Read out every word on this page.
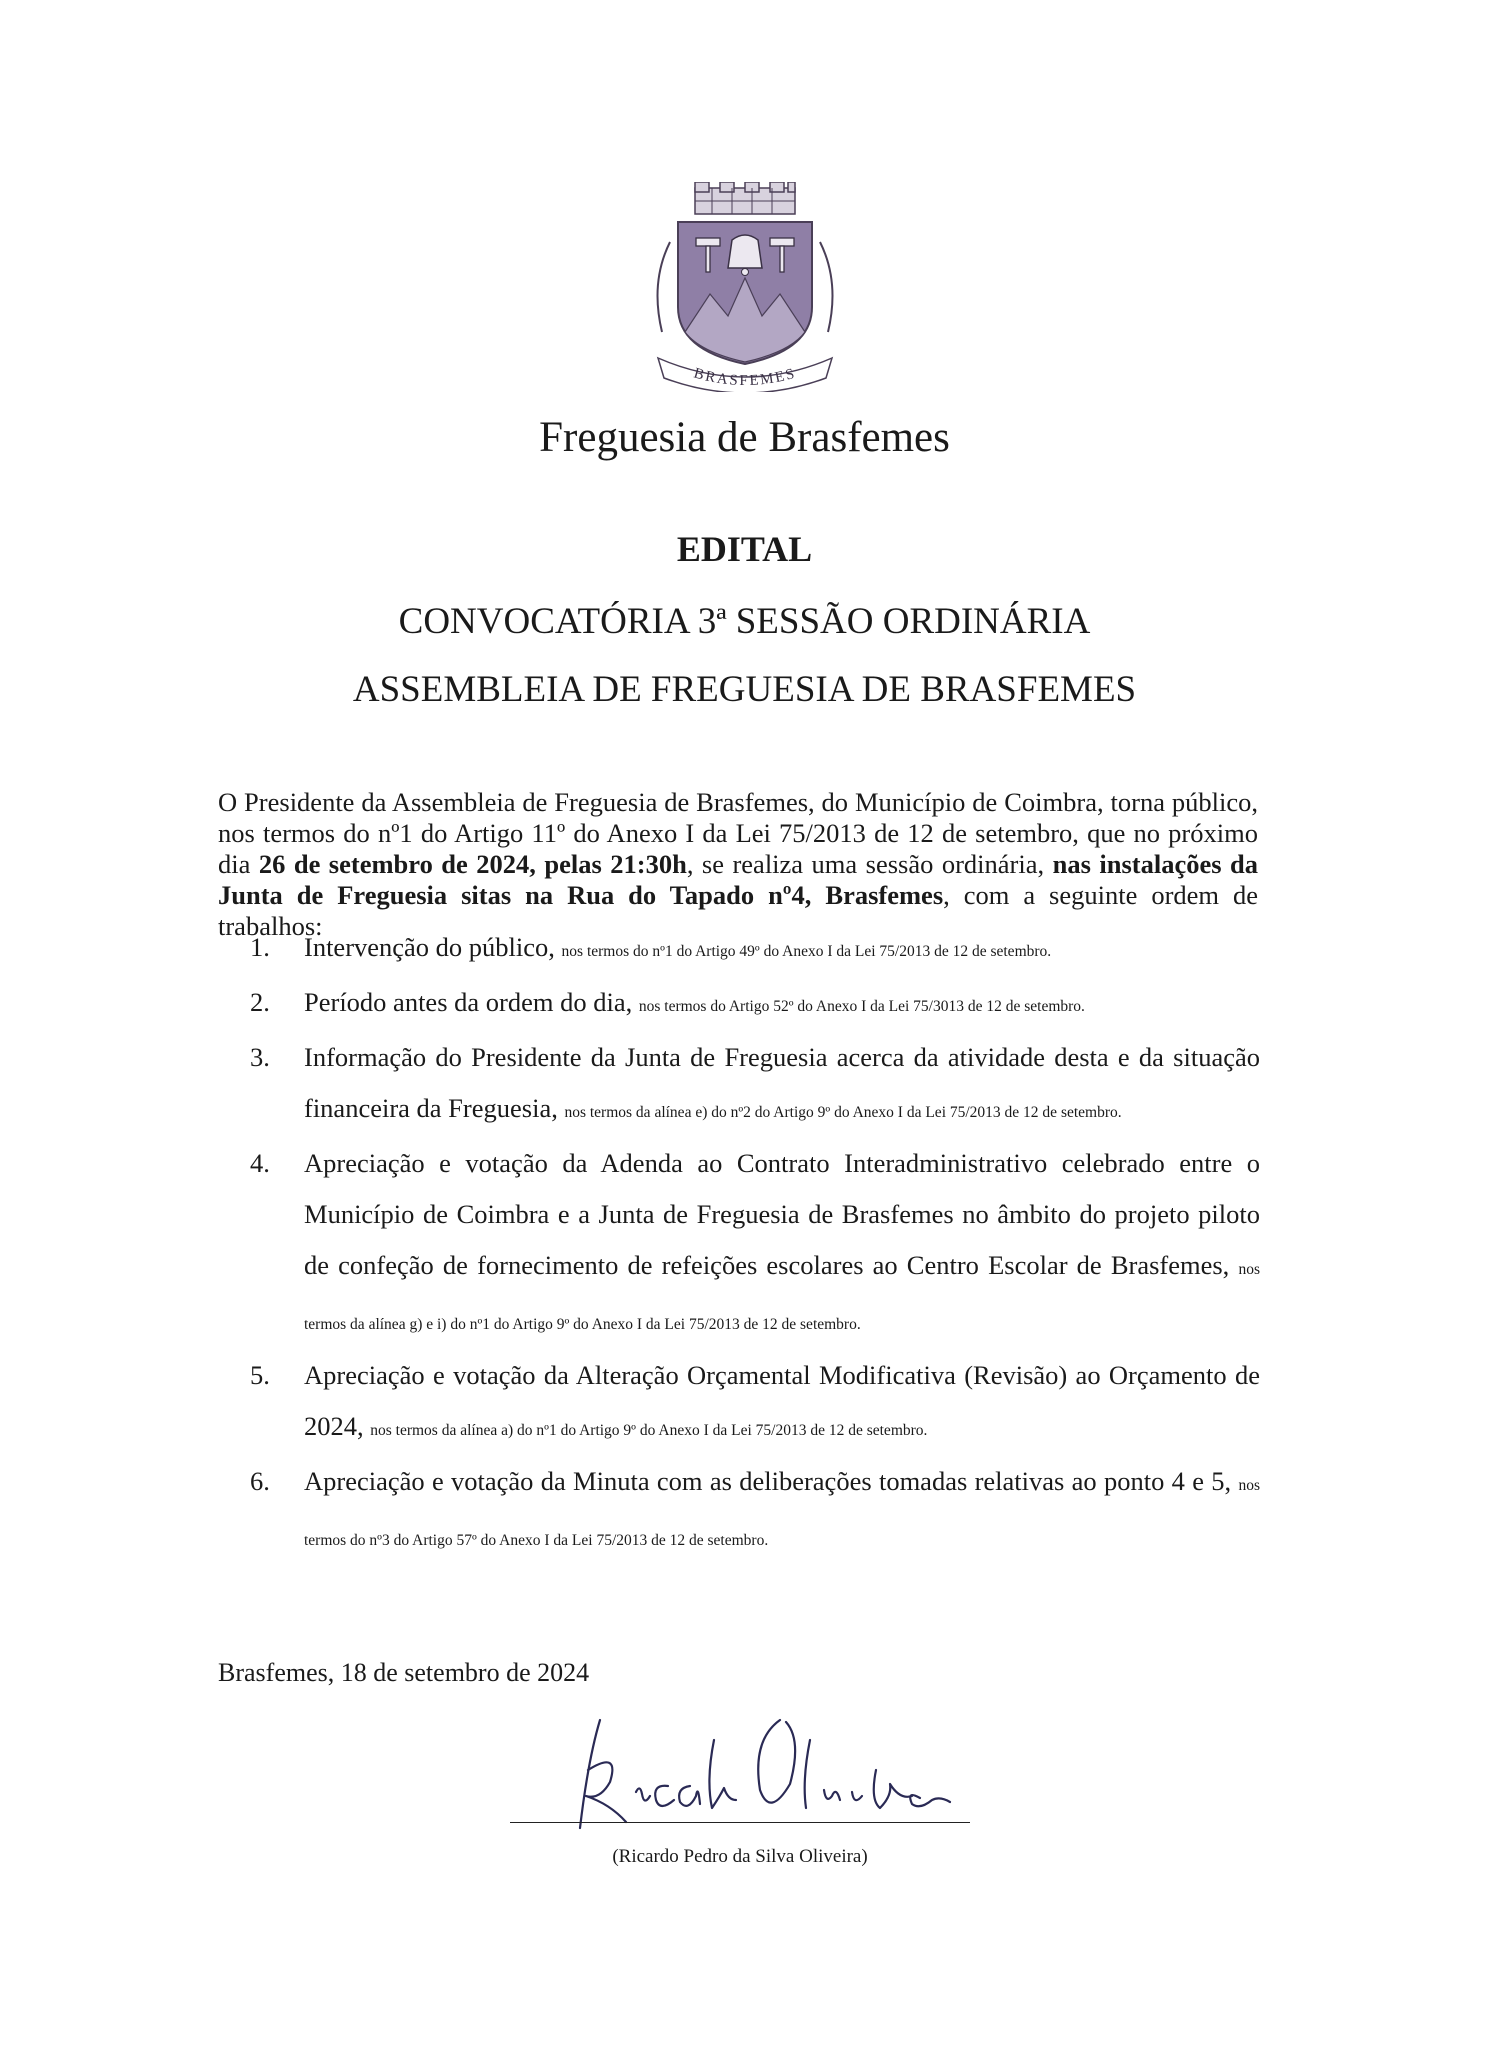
BRASFEMES
Freguesia de Brasfemes
EDITAL
CONVOCATÓRIA 3ª SESSÃO ORDINÁRIA
ASSEMBLEIA DE FREGUESIA DE BRASFEMES

O Presidente da Assembleia de Freguesia de Brasfemes, do Município de Coimbra, torna público, nos termos do nº1 do Artigo 11º do Anexo I da Lei 75/2013 de 12 de setembro, que no próximo dia 26 de setembro de 2024, pelas 21:30h, se realiza uma sessão ordinária, nas instalações da Junta de Freguesia sitas na Rua do Tapado nº4, Brasfemes, com a seguinte ordem de trabalhos:

1. Intervenção do público, nos termos do nº1 do Artigo 49º do Anexo I da Lei 75/2013 de 12 de setembro.
2. Período antes da ordem do dia, nos termos do Artigo 52º do Anexo I da Lei 75/3013 de 12 de setembro.
3. Informação do Presidente da Junta de Freguesia acerca da atividade desta e da situação financeira da Freguesia, nos termos da alínea e) do nº2 do Artigo 9º do Anexo I da Lei 75/2013 de 12 de setembro.
4. Apreciação e votação da Adenda ao Contrato Interadministrativo celebrado entre o Município de Coimbra e a Junta de Freguesia de Brasfemes no âmbito do projeto piloto de confeção de fornecimento de refeições escolares ao Centro Escolar de Brasfemes, nos termos da alínea g) e i) do nº1 do Artigo 9º do Anexo I da Lei 75/2013 de 12 de setembro.
5. Apreciação e votação da Alteração Orçamental Modificativa (Revisão) ao Orçamento de 2024, nos termos da alínea a) do nº1 do Artigo 9º do Anexo I da Lei 75/2013 de 12 de setembro.
6. Apreciação e votação da Minuta com as deliberações tomadas relativas ao ponto 4 e 5, nos termos do nº3 do Artigo 57º do Anexo I da Lei 75/2013 de 12 de setembro.
Brasfemes, 18 de setembro de 2024
(Ricardo Pedro da Silva Oliveira)
